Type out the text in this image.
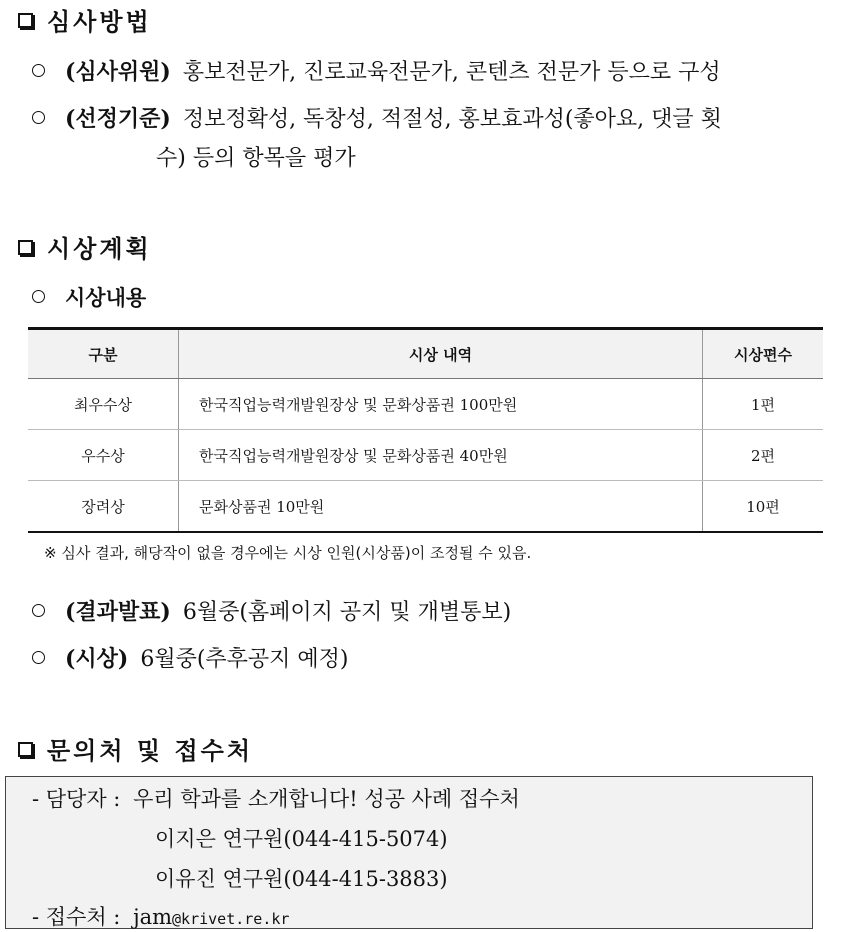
심사방법
(심사위원) 홍보전문가, 진로교육전문가, 콘텐츠 전문가 등으로 구성
(선정기준) 정보정확성, 독창성, 적절성, 홍보효과성(좋아요, 댓글 횟
수) 등의 항목을 평가
시상계획
시상내용
구분	시상 내역	시상편수
최우수상	한국직업능력개발원장상 및 문화상품권 100만원	1편
우수상	한국직업능력개발원장상 및 문화상품권 40만원	2편
장려상	문화상품권 10만원	10편
※ 심사 결과, 해당작이 없을 경우에는 시상 인원(시상품)이 조정될 수 있음.
(결과발표) 6월중(홈페이지 공지 및 개별통보)
(시상) 6월중(추후공지 예정)
문의처 및 접수처
- 담당자 : 우리 학과를 소개합니다! 성공 사례 접수처
이지은 연구원(044-415-5074)
이유진 연구원(044-415-3883)
- 접수처 : jam@krivet.re.kr
